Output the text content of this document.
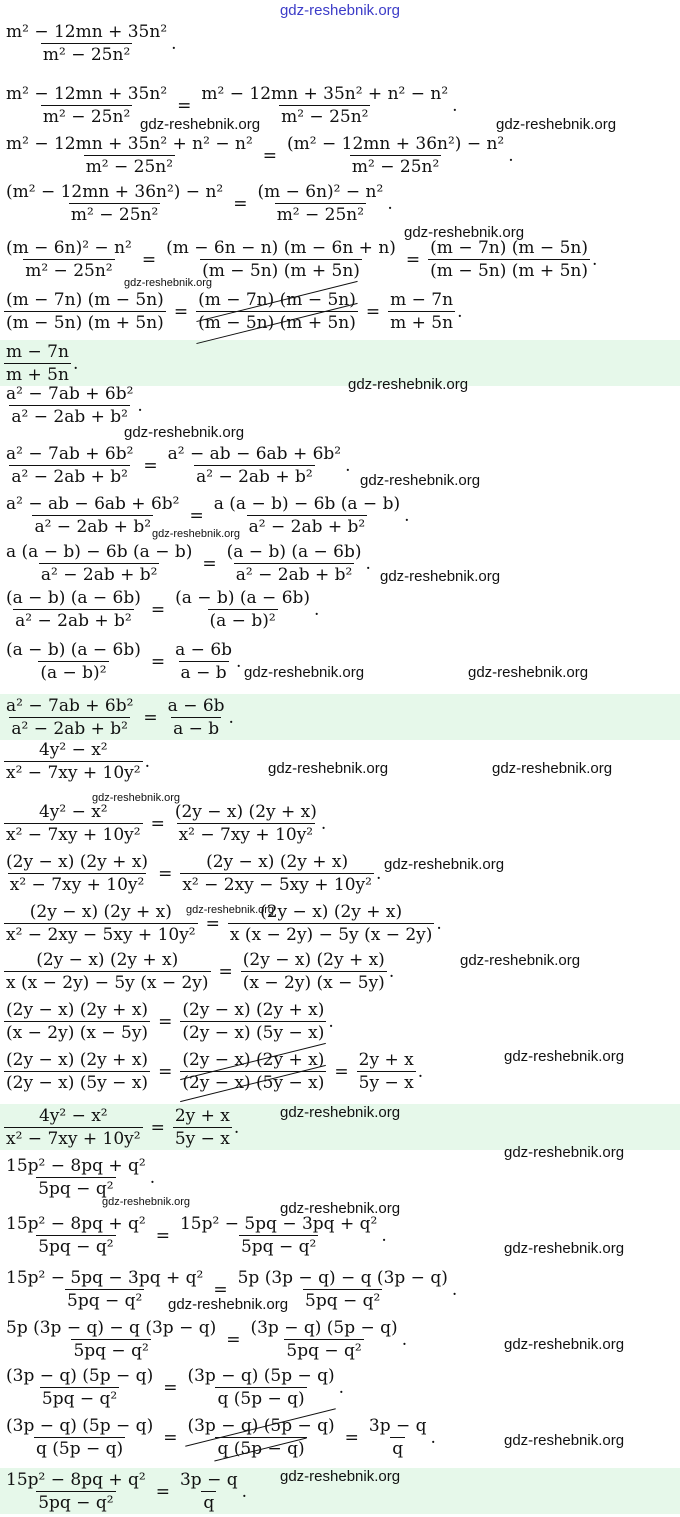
gdz-reshebnik.org
$\frac{\text{m² − 12mn + 35n²}}{\text{m² − 25n²}}$ .
$\frac{\text{m² − 12mn + 35n²}}{\text{m² − 25n²}} = \frac{\text{m² − 12mn + 35n² + n² − n²}}{\text{m² − 25n²}}$ .
$\frac{\text{m² − 12mn + 35n² + n² − n²}}{\text{m² − 25n²}} = \frac{\text{(m² − 12mn + 36n²) − n²}}{\text{m² − 25n²}}$ .
$\frac{\text{(m² − 12mn + 36n²) − n²}}{\text{m² − 25n²}} = \frac{\text{(m − 6n)² − n²}}{\text{m² − 25n²}}$ .
$\frac{\text{(m − 6n)² − n²}}{\text{m² − 25n²}} = \frac{(m - 6n - n) (m - 6n + n)}{(m - 5n) (m + 5n)} = \frac{(m - 7n) (m - 5n)}{(m - 5n) (m + 5n)}$ .
$\frac{(m - 7n) (m - 5n)}{(m - 5n) (m + 5n)} = \frac{(m - 7n) (m - 5n)}{(m - 5n) (m + 5n)} = \frac{m - 7n}{m + 5n}$ .
$\frac{m - 7n}{m + 5n}$ .
$\frac{\text{a² − 7ab + 6b²}}{\text{a² − 2ab + b²}}$ .
$\frac{\text{a² − 7ab + 6b²}}{\text{a² − 2ab + b²}} = \frac{\text{a² − ab − 6ab + 6b²}}{\text{a² − 2ab + b²}}$ .
$\frac{\text{a² − ab − 6ab + 6b²}}{\text{a² − 2ab + b²}} = \frac{a (a - b) - 6b (a - b)}{\text{a² − 2ab + b²}}$ .
$\frac{a (a - b) - 6b (a - b)}{\text{a² − 2ab + b²}} = \frac{(a - b) (a - 6b)}{\text{a² − 2ab + b²}}$ .
$\frac{(a - b) (a - 6b)}{\text{a² − 2ab + b²}} = \frac{(a - b) (a - 6b)}{\text{(a − b)²}}$ .
$\frac{(a - b) (a - 6b)}{\text{(a − b)²}} = \frac{a - 6b}{a - b}$ .
$\frac{\text{a² − 7ab + 6b²}}{\text{a² − 2ab + b²}} = \frac{a - 6b}{a - b}$ .
$\frac{\text{4y² − x²}}{\text{x² − 7xy + 10y²}}$ .
$\frac{\text{4y² − x²}}{\text{x² − 7xy + 10y²}} = \frac{(2y - x) (2y + x)}{\text{x² − 7xy + 10y²}}$ .
$\frac{(2y - x) (2y + x)}{\text{x² − 7xy + 10y²}} = \frac{(2y - x) (2y + x)}{\text{x² − 2xy − 5xy + 10y²}}$ .
$\frac{(2y - x) (2y + x)}{\text{x² − 2xy − 5xy + 10y²}} = \frac{(2y - x) (2y + x)}{x (x - 2y) - 5y (x - 2y)}$ .
$\frac{(2y - x) (2y + x)}{x (x - 2y) - 5y (x - 2y)} = \frac{(2y - x) (2y + x)}{(x - 2y) (x - 5y)}$ .
$\frac{(2y - x) (2y + x)}{(x - 2y) (x - 5y)} = \frac{(2y - x) (2y + x)}{(2y - x) (5y - x)}$ .
$\frac{(2y - x) (2y + x)}{(2y - x) (5y - x)} = \frac{(2y - x) (2y + x)}{(2y - x) (5y - x)} = \frac{2y + x}{5y - x}$ .
$\frac{\text{4y² − x²}}{\text{x² − 7xy + 10y²}} = \frac{2y + x}{5y - x}$ .
$\frac{\text{15p² − 8pq + q²}}{\text{5pq − q²}}$ .
$\frac{\text{15p² − 8pq + q²}}{\text{5pq − q²}} = \frac{\text{15p² − 5pq − 3pq + q²}}{\text{5pq − q²}}$ .
$\frac{\text{15p² − 5pq − 3pq + q²}}{\text{5pq − q²}} = \frac{5p (3p - q) - q (3p - q)}{\text{5pq − q²}}$ .
$\frac{5p (3p - q) - q (3p - q)}{\text{5pq − q²}} = \frac{(3p - q) (5p - q)}{\text{5pq − q²}}$ .
$\frac{(3p - q) (5p - q)}{\text{5pq − q²}} = \frac{(3p - q) (5p - q)}{q (5p - q)}$ .
$\frac{(3p - q) (5p - q)}{q (5p - q)} = \frac{(3p - q) (5p - q)}{q (5p - q)} = \frac{3p - q}{q}$ .
$\frac{\text{15p² − 8pq + q²}}{\text{5pq − q²}} = \frac{3p - q}{q}$ .
gdz-reshebnik.org	gdz-reshebnik.org
gdz-reshebnik.org
gdz-reshebnik.org
gdz-reshebnik.org
gdz-reshebnik.org
gdz-reshebnik.org
gdz-reshebnik.org
gdz-reshebnik.org
gdz-reshebnik.org	gdz-reshebnik.org
gdz-reshebnik.org	gdz-reshebnik.org
gdz-reshebnik.org
gdz-reshebnik.org
gdz-reshebnik.org
gdz-reshebnik.org
gdz-reshebnik.org
gdz-reshebnik.org
gdz-reshebnik.org
gdz-reshebnik.org	gdz-reshebnik.org
gdz-reshebnik.org
gdz-reshebnik.org
gdz-reshebnik.org
gdz-reshebnik.org
gdz-reshebnik.org
